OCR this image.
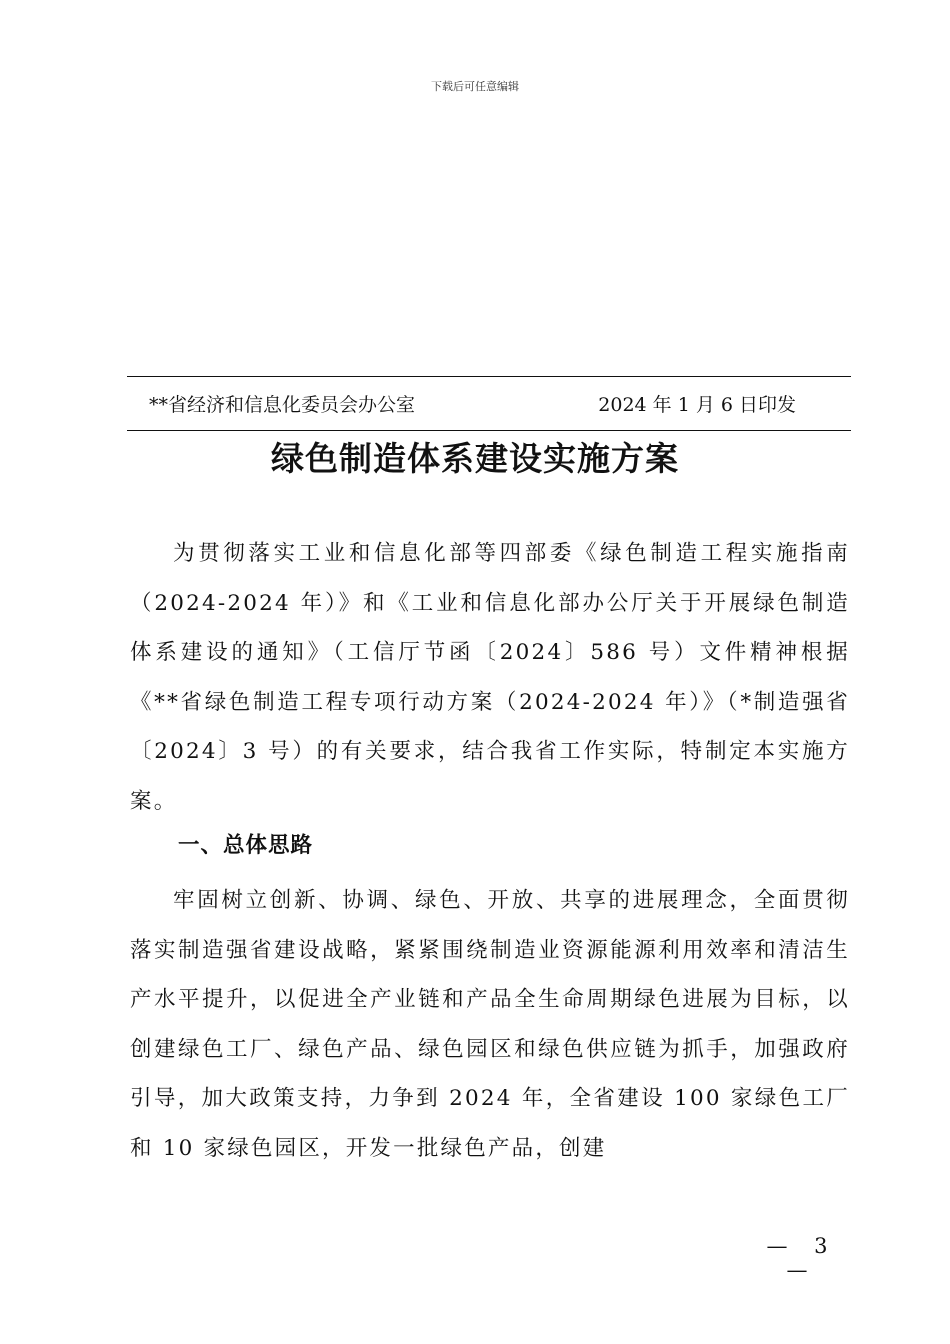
下载后可任意编辑
**省经济和信息化委员会办公室	2024 年 1 月 6 日印发
绿色制造体系建设实施方案

为贯彻落实工业和信息化部等四部委《绿色制造工程实施指南（2024-2024 年）》和《工业和信息化部办公厅关于开展绿色制造体系建设的通知》（工信厅节函〔2024〕586 号）文件精神根据《**省绿色制造工程专项行动方案（2024-2024 年）》（*制造强省〔2024〕3 号）的有关要求，结合我省工作实际，特制定本实施方案。

一、总体思路

牢固树立创新、协调、绿色、开放、共享的进展理念，全面贯彻落实制造强省建设战略，紧紧围绕制造业资源能源利用效率和清洁生产水平提升，以促进全产业链和产品全生命周期绿色进展为目标，以创建绿色工厂、绿色产品、绿色园区和绿色供应链为抓手，加强政府引导，加大政策支持，力争到 2024 年，全省建设 100 家绿色工厂和 10 家绿色园区，开发一批绿色产品，创建

— 3 —
